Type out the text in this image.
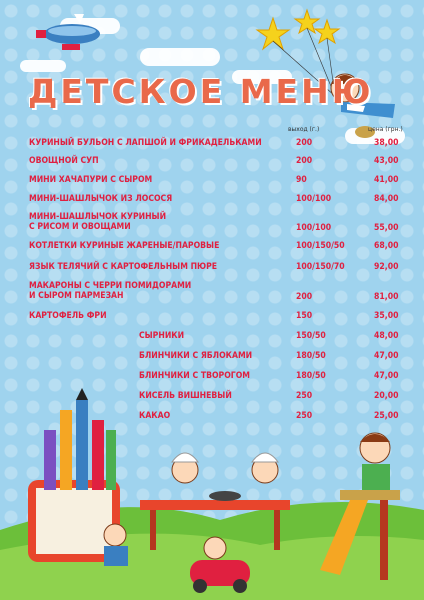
ДЕТСКОЕ МЕНЮ
выход (г.)	цена (грн.)
КУРИНЫЙ БУЛЬОН С ЛАПШОЙ И ФРИКАДЕЛЬКАМИ	200	38,00
ОВОЩНОЙ СУП	200	43,00
МИНИ ХАЧАПУРИ С СЫРОМ	90	41,00
МИНИ-ШАШЛЫЧОК ИЗ ЛОСОСЯ	100/100	84,00
МИНИ-ШАШЛЫЧОК КУРИНЫЙ
С РИСОМ И ОВОЩАМИ	100/100	55,00
КОТЛЕТКИ КУРИНЫЕ ЖАРЕНЫЕ/ПАРОВЫЕ	100/150/50	68,00
ЯЗЫК ТЕЛЯЧИЙ С КАРТОФЕЛЬНЫМ ПЮРЕ	100/150/70	92,00
МАКАРОНЫ С ЧЕРРИ ПОМИДОРАМИ
И СЫРОМ ПАРМЕЗАН	200	81,00
КАРТОФЕЛЬ ФРИ	150	35,00
СЫРНИКИ	150/50	48,00
БЛИНЧИКИ С ЯБЛОКАМИ	180/50	47,00
БЛИНЧИКИ С ТВОРОГОМ	180/50	47,00
КИСЕЛЬ ВИШНЕВЫЙ	250	20,00
КАКАО	250	25,00
